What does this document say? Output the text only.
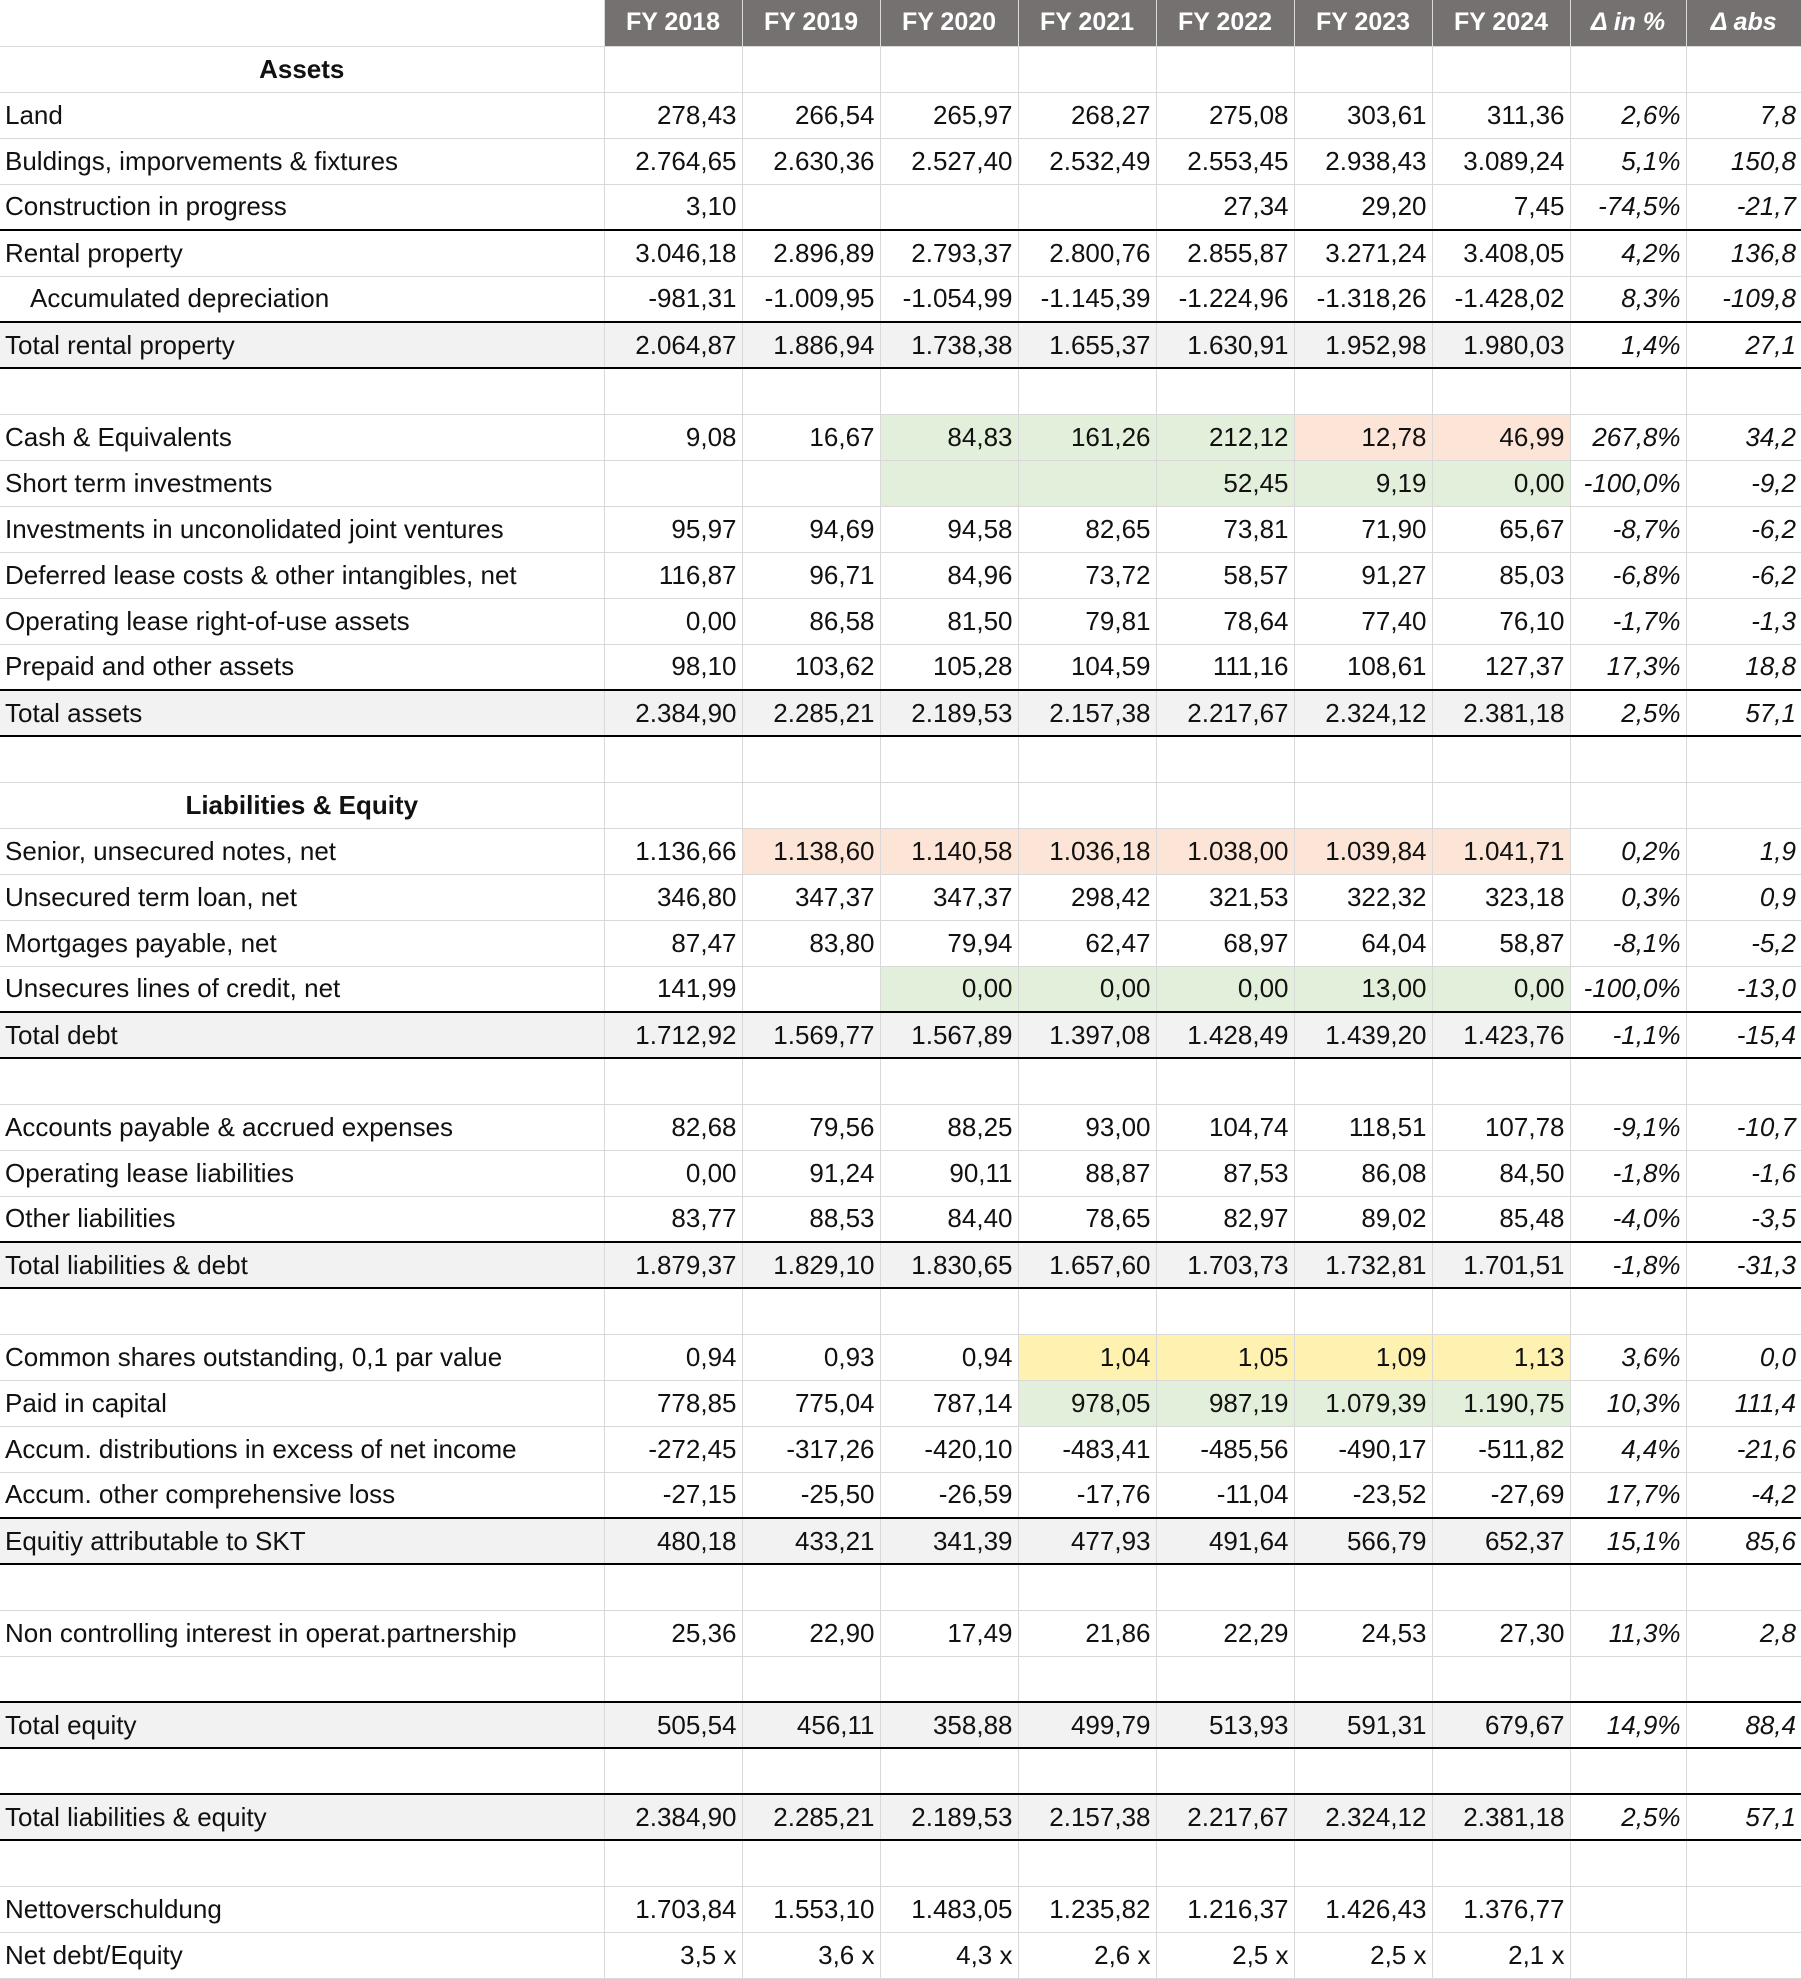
	FY 2018	FY 2019	FY 2020	FY 2021	FY 2022	FY 2023	FY 2024	Δ in %	Δ abs
Assets									
Land	278,43	266,54	265,97	268,27	275,08	303,61	311,36	2,6%	7,8
Buldings, imporvements & fixtures	2.764,65	2.630,36	2.527,40	2.532,49	2.553,45	2.938,43	3.089,24	5,1%	150,8
Construction in progress	3,10				27,34	29,20	7,45	-74,5%	-21,7
Rental property	3.046,18	2.896,89	2.793,37	2.800,76	2.855,87	3.271,24	3.408,05	4,2%	136,8
Accumulated depreciation	-981,31	-1.009,95	-1.054,99	-1.145,39	-1.224,96	-1.318,26	-1.428,02	8,3%	-109,8
Total rental property	2.064,87	1.886,94	1.738,38	1.655,37	1.630,91	1.952,98	1.980,03	1,4%	27,1

Cash & Equivalents	9,08	16,67	84,83	161,26	212,12	12,78	46,99	267,8%	34,2
Short term investments					52,45	9,19	0,00	-100,0%	-9,2
Investments in unconolidated joint ventures	95,97	94,69	94,58	82,65	73,81	71,90	65,67	-8,7%	-6,2
Deferred lease costs & other intangibles, net	116,87	96,71	84,96	73,72	58,57	91,27	85,03	-6,8%	-6,2
Operating lease right-of-use assets	0,00	86,58	81,50	79,81	78,64	77,40	76,10	-1,7%	-1,3
Prepaid and other assets	98,10	103,62	105,28	104,59	111,16	108,61	127,37	17,3%	18,8
Total assets	2.384,90	2.285,21	2.189,53	2.157,38	2.217,67	2.324,12	2.381,18	2,5%	57,1

Liabilities & Equity									
Senior, unsecured notes, net	1.136,66	1.138,60	1.140,58	1.036,18	1.038,00	1.039,84	1.041,71	0,2%	1,9
Unsecured term loan, net	346,80	347,37	347,37	298,42	321,53	322,32	323,18	0,3%	0,9
Mortgages payable, net	87,47	83,80	79,94	62,47	68,97	64,04	58,87	-8,1%	-5,2
Unsecures lines of credit, net	141,99		0,00	0,00	0,00	13,00	0,00	-100,0%	-13,0
Total debt	1.712,92	1.569,77	1.567,89	1.397,08	1.428,49	1.439,20	1.423,76	-1,1%	-15,4

Accounts payable & accrued expenses	82,68	79,56	88,25	93,00	104,74	118,51	107,78	-9,1%	-10,7
Operating lease liabilities	0,00	91,24	90,11	88,87	87,53	86,08	84,50	-1,8%	-1,6
Other liabilities	83,77	88,53	84,40	78,65	82,97	89,02	85,48	-4,0%	-3,5
Total liabilities & debt	1.879,37	1.829,10	1.830,65	1.657,60	1.703,73	1.732,81	1.701,51	-1,8%	-31,3

Common shares outstanding, 0,1 par value	0,94	0,93	0,94	1,04	1,05	1,09	1,13	3,6%	0,0
Paid in capital	778,85	775,04	787,14	978,05	987,19	1.079,39	1.190,75	10,3%	111,4
Accum. distributions in excess of net income	-272,45	-317,26	-420,10	-483,41	-485,56	-490,17	-511,82	4,4%	-21,6
Accum. other comprehensive loss	-27,15	-25,50	-26,59	-17,76	-11,04	-23,52	-27,69	17,7%	-4,2
Equitiy attributable to SKT	480,18	433,21	341,39	477,93	491,64	566,79	652,37	15,1%	85,6

Non controlling interest in operat.partnership	25,36	22,90	17,49	21,86	22,29	24,53	27,30	11,3%	2,8

Total equity	505,54	456,11	358,88	499,79	513,93	591,31	679,67	14,9%	88,4

Total liabilities & equity	2.384,90	2.285,21	2.189,53	2.157,38	2.217,67	2.324,12	2.381,18	2,5%	57,1

Nettoverschuldung	1.703,84	1.553,10	1.483,05	1.235,82	1.216,37	1.426,43	1.376,77		
Net debt/Equity	3,5 x	3,6 x	4,3 x	2,6 x	2,5 x	2,5 x	2,1 x		
